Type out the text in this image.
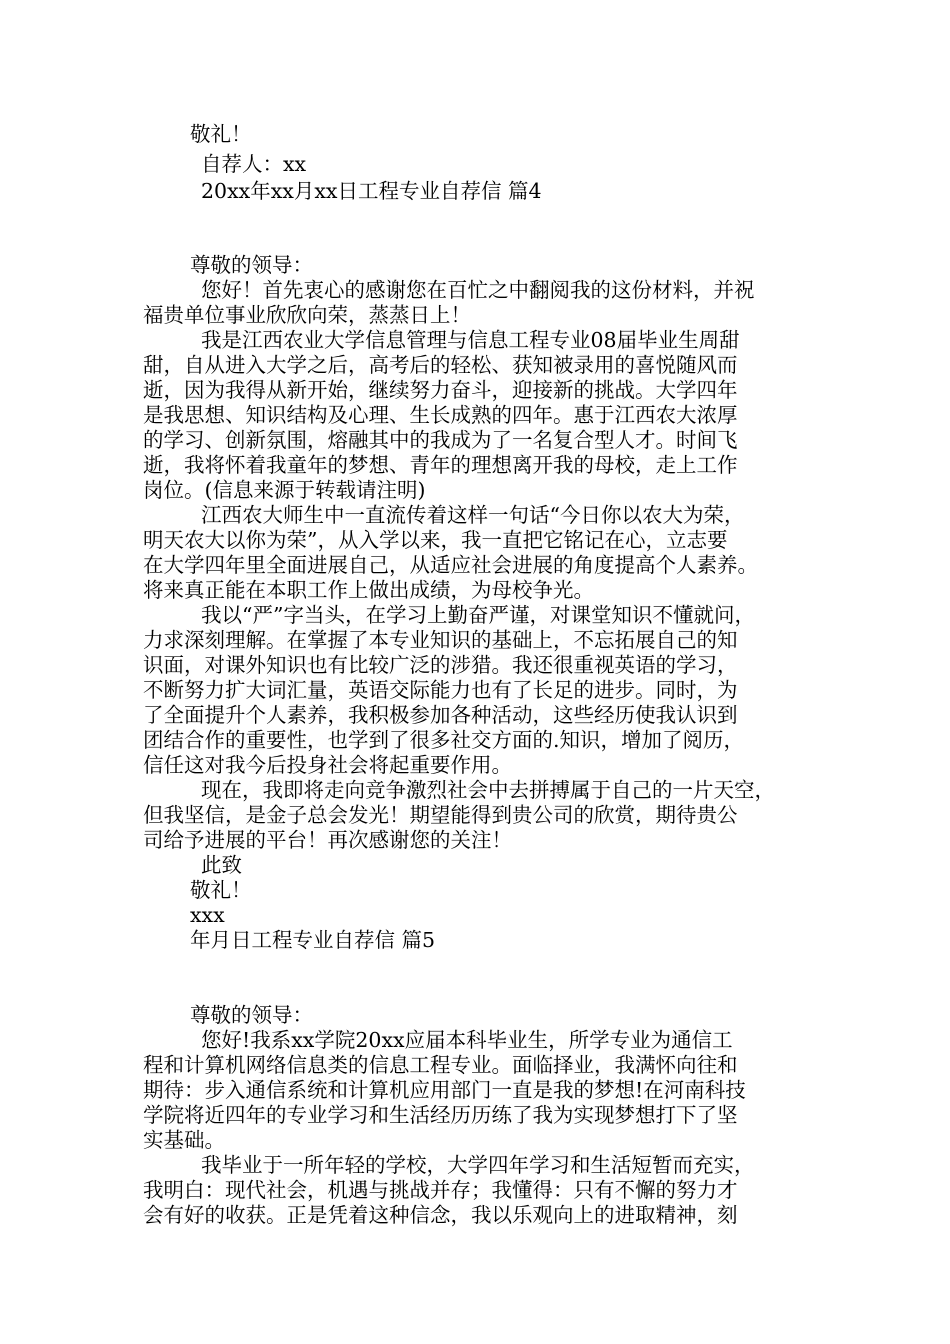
敬礼！

自荐人：xx

20xx年xx月xx日工程专业自荐信 篇4

尊敬的领导：

您好！首先衷心的感谢您在百忙之中翻阅我的这份材料，并祝

福贵单位事业欣欣向荣，蒸蒸日上！

我是江西农业大学信息管理与信息工程专业08届毕业生周甜

甜，自从进入大学之后，高考后的轻松、获知被录用的喜悦随风而

逝，因为我得从新开始，继续努力奋斗，迎接新的挑战。大学四年

是我思想、知识结构及心理、生长成熟的四年。惠于江西农大浓厚

的学习、创新氛围，熔融其中的我成为了一名复合型人才。时间飞

逝，我将怀着我童年的梦想、青年的理想离开我的母校，走上工作

岗位。(信息来源于转载请注明)

江西农大师生中一直流传着这样一句话“今日你以农大为荣，

明天农大以你为荣”，从入学以来，我一直把它铭记在心，立志要

在大学四年里全面进展自己，从适应社会进展的角度提高个人素养。

将来真正能在本职工作上做出成绩，为母校争光。

我以“严”字当头，在学习上勤奋严谨，对课堂知识不懂就问，

力求深刻理解。在掌握了本专业知识的基础上，不忘拓展自己的知

识面，对课外知识也有比较广泛的涉猎。我还很重视英语的学习，

不断努力扩大词汇量，英语交际能力也有了长足的进步。同时，为

了全面提升个人素养，我积极参加各种活动，这些经历使我认识到

团结合作的重要性，也学到了很多社交方面的.知识，增加了阅历，

信任这对我今后投身社会将起重要作用。

现在，我即将走向竞争激烈社会中去拼搏属于自己的一片天空，

但我坚信，是金子总会发光！期望能得到贵公司的欣赏，期待贵公

司给予进展的平台！再次感谢您的关注！

此致

敬礼！

xxx

年月日工程专业自荐信 篇5

尊敬的领导：

您好!我系xx学院20xx应届本科毕业生，所学专业为通信工

程和计算机网络信息类的信息工程专业。面临择业，我满怀向往和

期待：步入通信系统和计算机应用部门一直是我的梦想!在河南科技

学院将近四年的专业学习和生活经历历练了我为实现梦想打下了坚

实基础。

我毕业于一所年轻的学校，大学四年学习和生活短暂而充实，

我明白：现代社会，机遇与挑战并存；我懂得：只有不懈的努力才

会有好的收获。正是凭着这种信念，我以乐观向上的进取精神，刻
